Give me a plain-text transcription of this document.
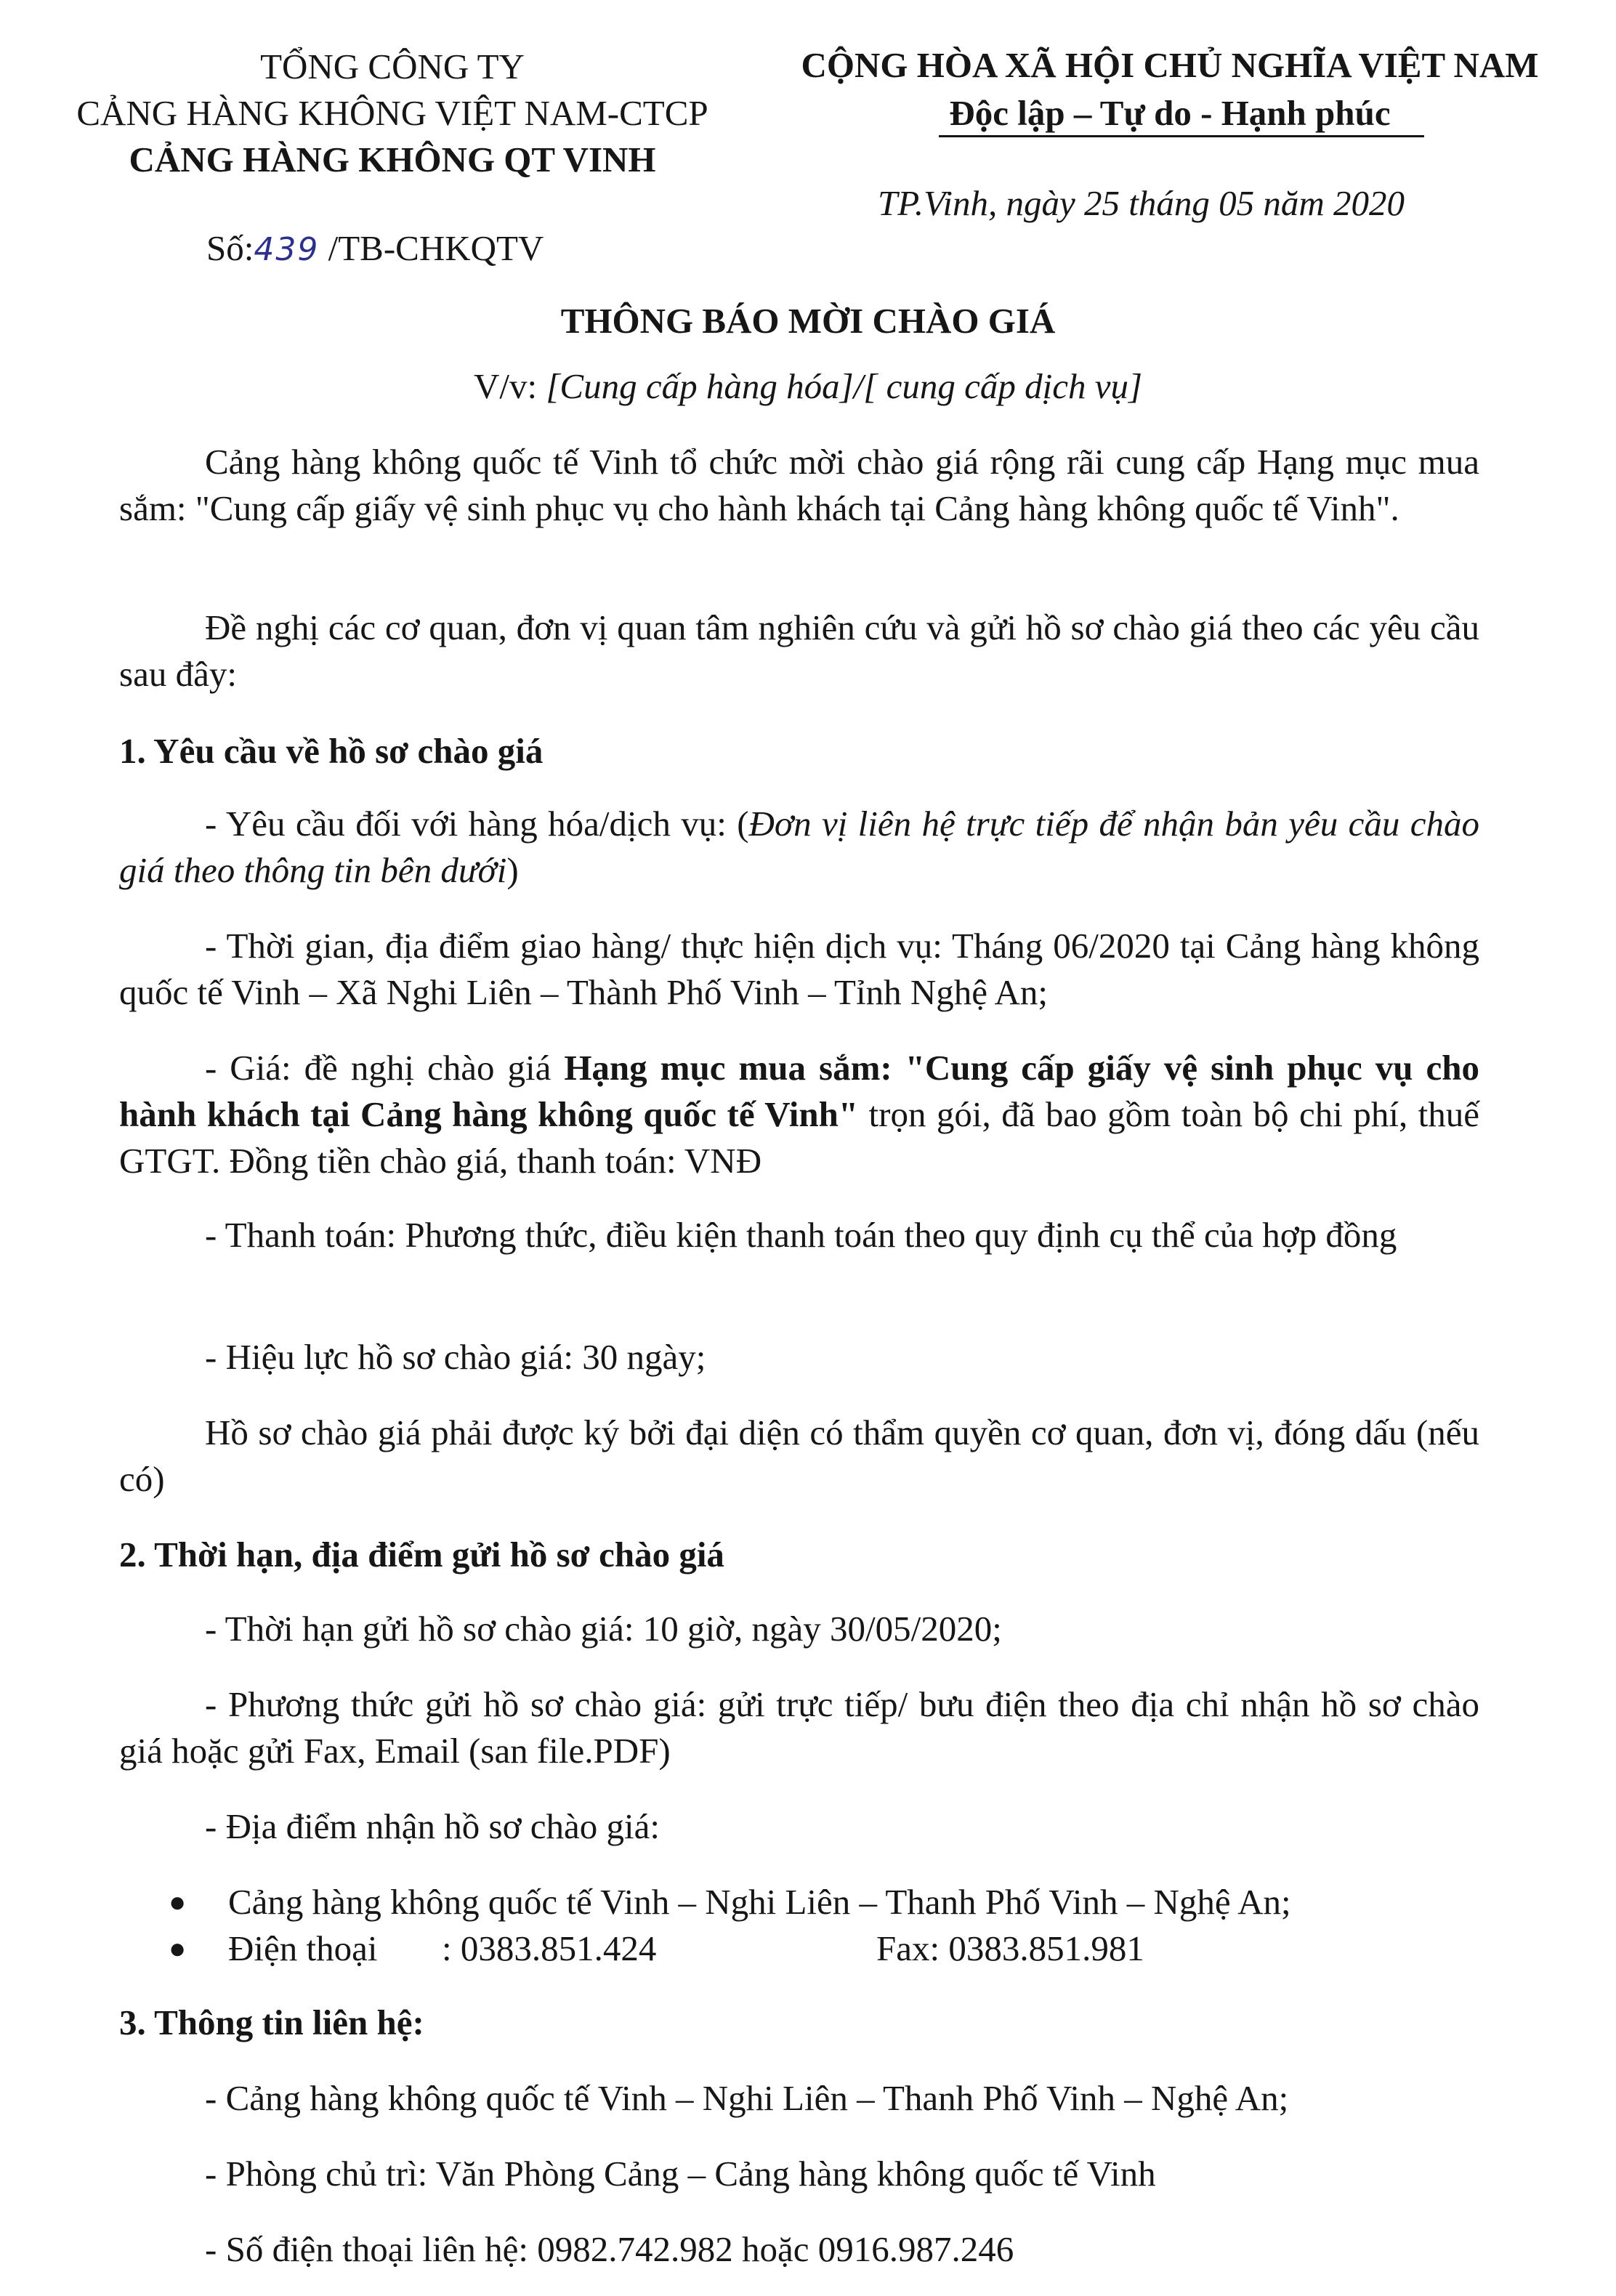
TỔNG CÔNG TY
CẢNG HÀNG KHÔNG VIỆT NAM-CTCP
CẢNG HÀNG KHÔNG QT VINH
Số:439 /TB-CHKQTV
CỘNG HÒA XÃ HỘI CHỦ NGHĨA VIỆT NAM
Độc lập – Tự do - Hạnh phúc
TP.Vinh, ngày 25 tháng 05 năm 2020
THÔNG BÁO MỜI CHÀO GIÁ
V/v: [Cung cấp hàng hóa]/[ cung cấp dịch vụ]
Cảng hàng không quốc tế Vinh tổ chức mời chào giá rộng rãi cung cấp Hạng mục mua sắm: "Cung cấp giấy vệ sinh phục vụ cho hành khách tại Cảng hàng không quốc tế Vinh".
Đề nghị các cơ quan, đơn vị quan tâm nghiên cứu và gửi hồ sơ chào giá theo các yêu cầu sau đây:
1. Yêu cầu về hồ sơ chào giá
- Yêu cầu đối với hàng hóa/dịch vụ: (Đơn vị liên hệ trực tiếp để nhận bản yêu cầu chào giá theo thông tin bên dưới)
- Thời gian, địa điểm giao hàng/ thực hiện dịch vụ: Tháng 06/2020 tại Cảng hàng không quốc tế Vinh – Xã Nghi Liên – Thành Phố Vinh – Tỉnh Nghệ An;
- Giá: đề nghị chào giá Hạng mục mua sắm: "Cung cấp giấy vệ sinh phục vụ cho hành khách tại Cảng hàng không quốc tế Vinh" trọn gói, đã bao gồm toàn bộ chi phí, thuế GTGT. Đồng tiền chào giá, thanh toán: VNĐ
- Thanh toán: Phương thức, điều kiện thanh toán theo quy định cụ thể của hợp đồng
- Hiệu lực hồ sơ chào giá: 30 ngày;
Hồ sơ chào giá phải được ký bởi đại diện có thẩm quyền cơ quan, đơn vị, đóng dấu (nếu có)
2. Thời hạn, địa điểm gửi hồ sơ chào giá
- Thời hạn gửi hồ sơ chào giá: 10 giờ, ngày 30/05/2020;
- Phương thức gửi hồ sơ chào giá: gửi trực tiếp/ bưu điện theo địa chỉ nhận hồ sơ chào giá hoặc gửi Fax, Email (san file.PDF)
- Địa điểm nhận hồ sơ chào giá:
● Cảng hàng không quốc tế Vinh – Nghi Liên – Thanh Phố Vinh – Nghệ An;
● Điện thoại : 0383.851.424	Fax: 0383.851.981
3. Thông tin liên hệ:
- Cảng hàng không quốc tế Vinh – Nghi Liên – Thanh Phố Vinh – Nghệ An;
- Phòng chủ trì: Văn Phòng Cảng – Cảng hàng không quốc tế Vinh
- Số điện thoại liên hệ: 0982.742.982 hoặc 0916.987.246
